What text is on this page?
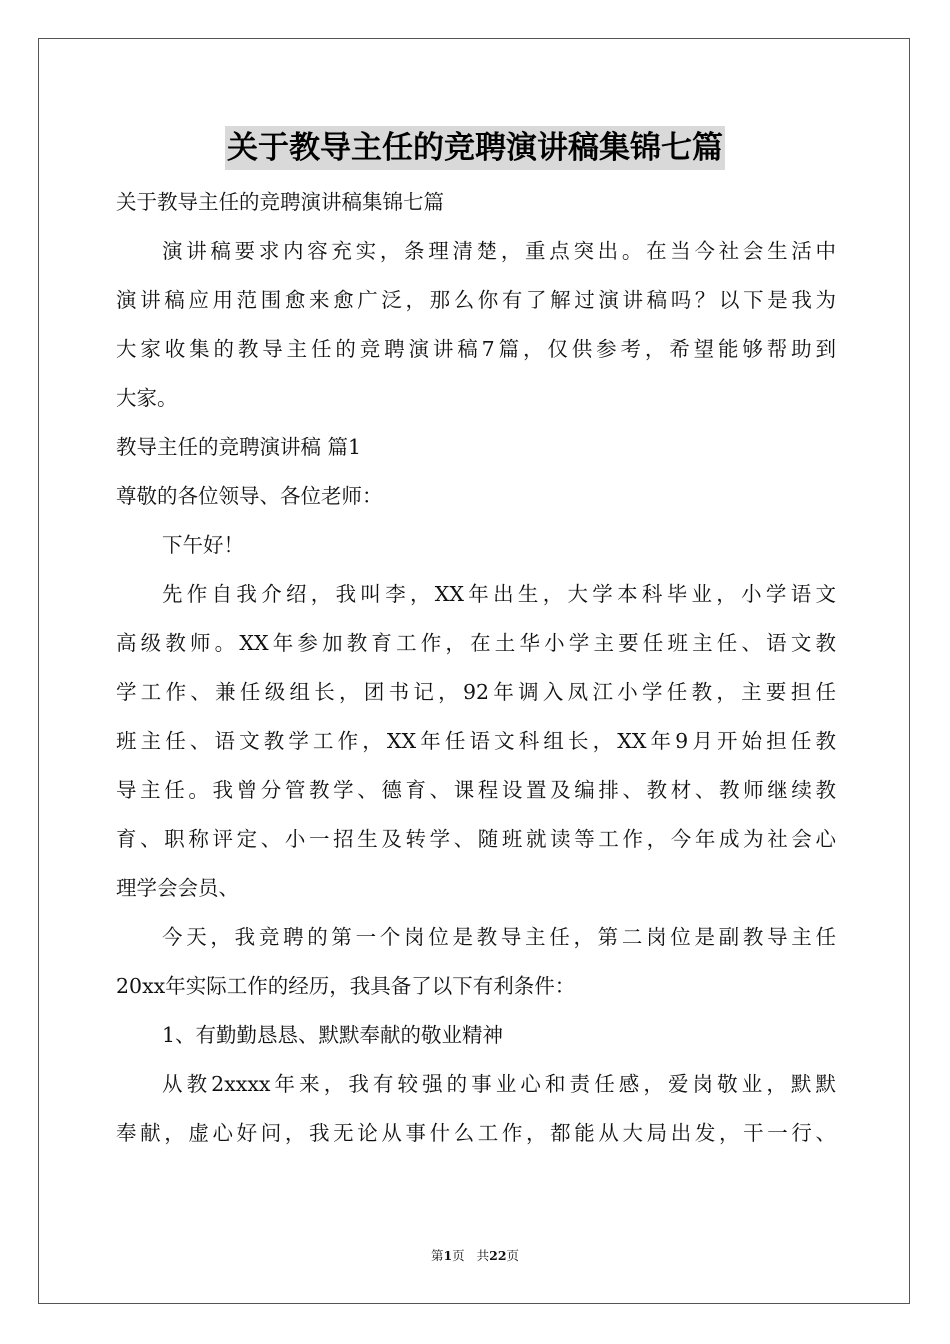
关于教导主任的竞聘演讲稿集锦七篇
关于教导主任的竞聘演讲稿集锦七篇
演讲稿要求内容充实，条理清楚，重点突出。在当今社会生活中
演讲稿应用范围愈来愈广泛，那么你有了解过演讲稿吗？以下是我为
大家收集的教导主任的竞聘演讲稿7篇，仅供参考，希望能够帮助到
大家。
教导主任的竞聘演讲稿 篇1
尊敬的各位领导、各位老师：
下午好！
先作自我介绍，我叫李，XX年出生，大学本科毕业，小学语文
高级教师。XX年参加教育工作，在土华小学主要任班主任、语文教
学工作、兼任级组长，团书记，92年调入凤江小学任教，主要担任
班主任、语文教学工作，XX年任语文科组长，XX年9月开始担任教
导主任。我曾分管教学、德育、课程设置及编排、教材、教师继续教
育、职称评定、小一招生及转学、随班就读等工作，今年成为社会心
理学会会员、
今天，我竞聘的第一个岗位是教导主任，第二岗位是副教导主任
20xx年实际工作的经历，我具备了以下有利条件：
1、有勤勤恳恳、默默奉献的敬业精神
从教2xxxx年来，我有较强的事业心和责任感，爱岗敬业，默默
奉献，虚心好问，我无论从事什么工作，都能从大局出发，干一行、
第1页 共22页
